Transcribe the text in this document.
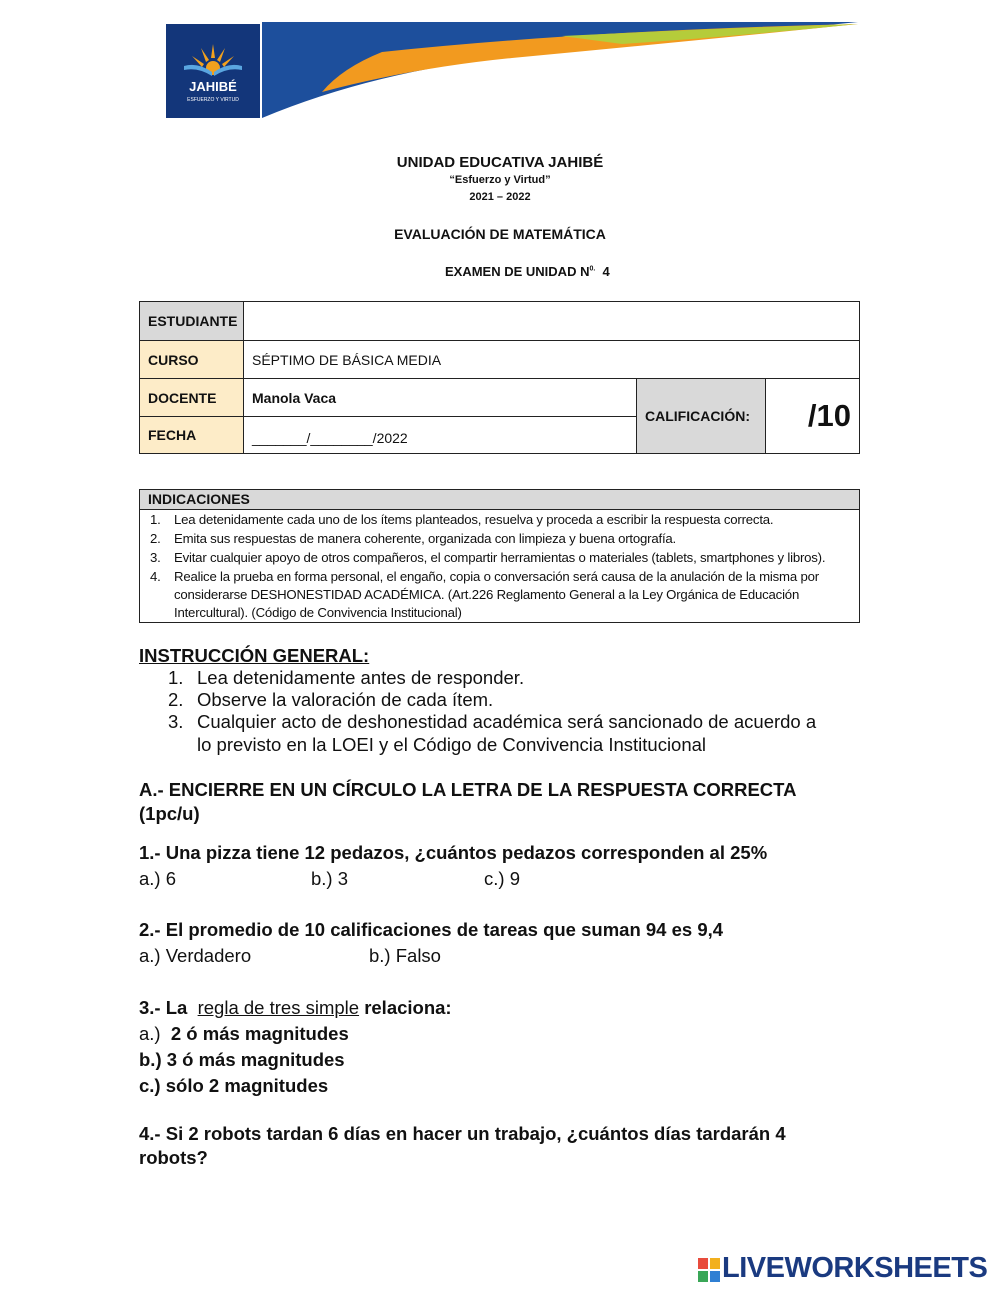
JAHIBÉ
ESFUERZO Y VIRTUD
UNIDAD EDUCATIVA JAHIBÉ
“Esfuerzo y Virtud”
2021 – 2022
EVALUACIÓN DE MATEMÁTICA
EXAMEN DE UNIDAD $N^{0.}$ 4
ESTUDIANTE
CURSO	SÉPTIMO DE BÁSICA MEDIA
DOCENTE	Manola Vaca
FECHA	_______/________/2022
CALIFICACIÓN:	/10
INDICACIONES
1. Lea detenidamente cada uno de los ítems planteados, resuelva y proceda a escribir la respuesta correcta.
2. Emita sus respuestas de manera coherente, organizada con limpieza y buena ortografía.
3. Evitar cualquier apoyo de otros compañeros, el compartir herramientas o materiales (tablets, smartphones y libros).
4. Realice la prueba en forma personal, el engaño, copia o conversación será causa de la anulación de la misma por
considerarse DESHONESTIDAD ACADÉMICA. (Art.226 Reglamento General a la Ley Orgánica de Educación
Intercultural). (Código de Convivencia Institucional)
INSTRUCCIÓN GENERAL:
1. Lea detenidamente antes de responder.
2. Observe la valoración de cada ítem.
3. Cualquier acto de deshonestidad académica será sancionado de acuerdo a
lo previsto en la LOEI y el Código de Convivencia Institucional
A.- ENCIERRE EN UN CÍRCULO LA LETRA DE LA RESPUESTA CORRECTA
(1pc/u)
1.- Una pizza tiene 12 pedazos, ¿cuántos pedazos corresponden al 25%
a.) 6	b.) 3	c.) 9
2.- El promedio de 10 calificaciones de tareas que suman 94 es 9,4
a.) Verdadero	b.) Falso
3.- La regla de tres simple relaciona:
a.) 2 ó más magnitudes
b.) 3 ó más magnitudes
c.) sólo 2 magnitudes
4.- Si 2 robots tardan 6 días en hacer un trabajo, ¿cuántos días tardarán 4
robots?
LIVEWORKSHEETS
